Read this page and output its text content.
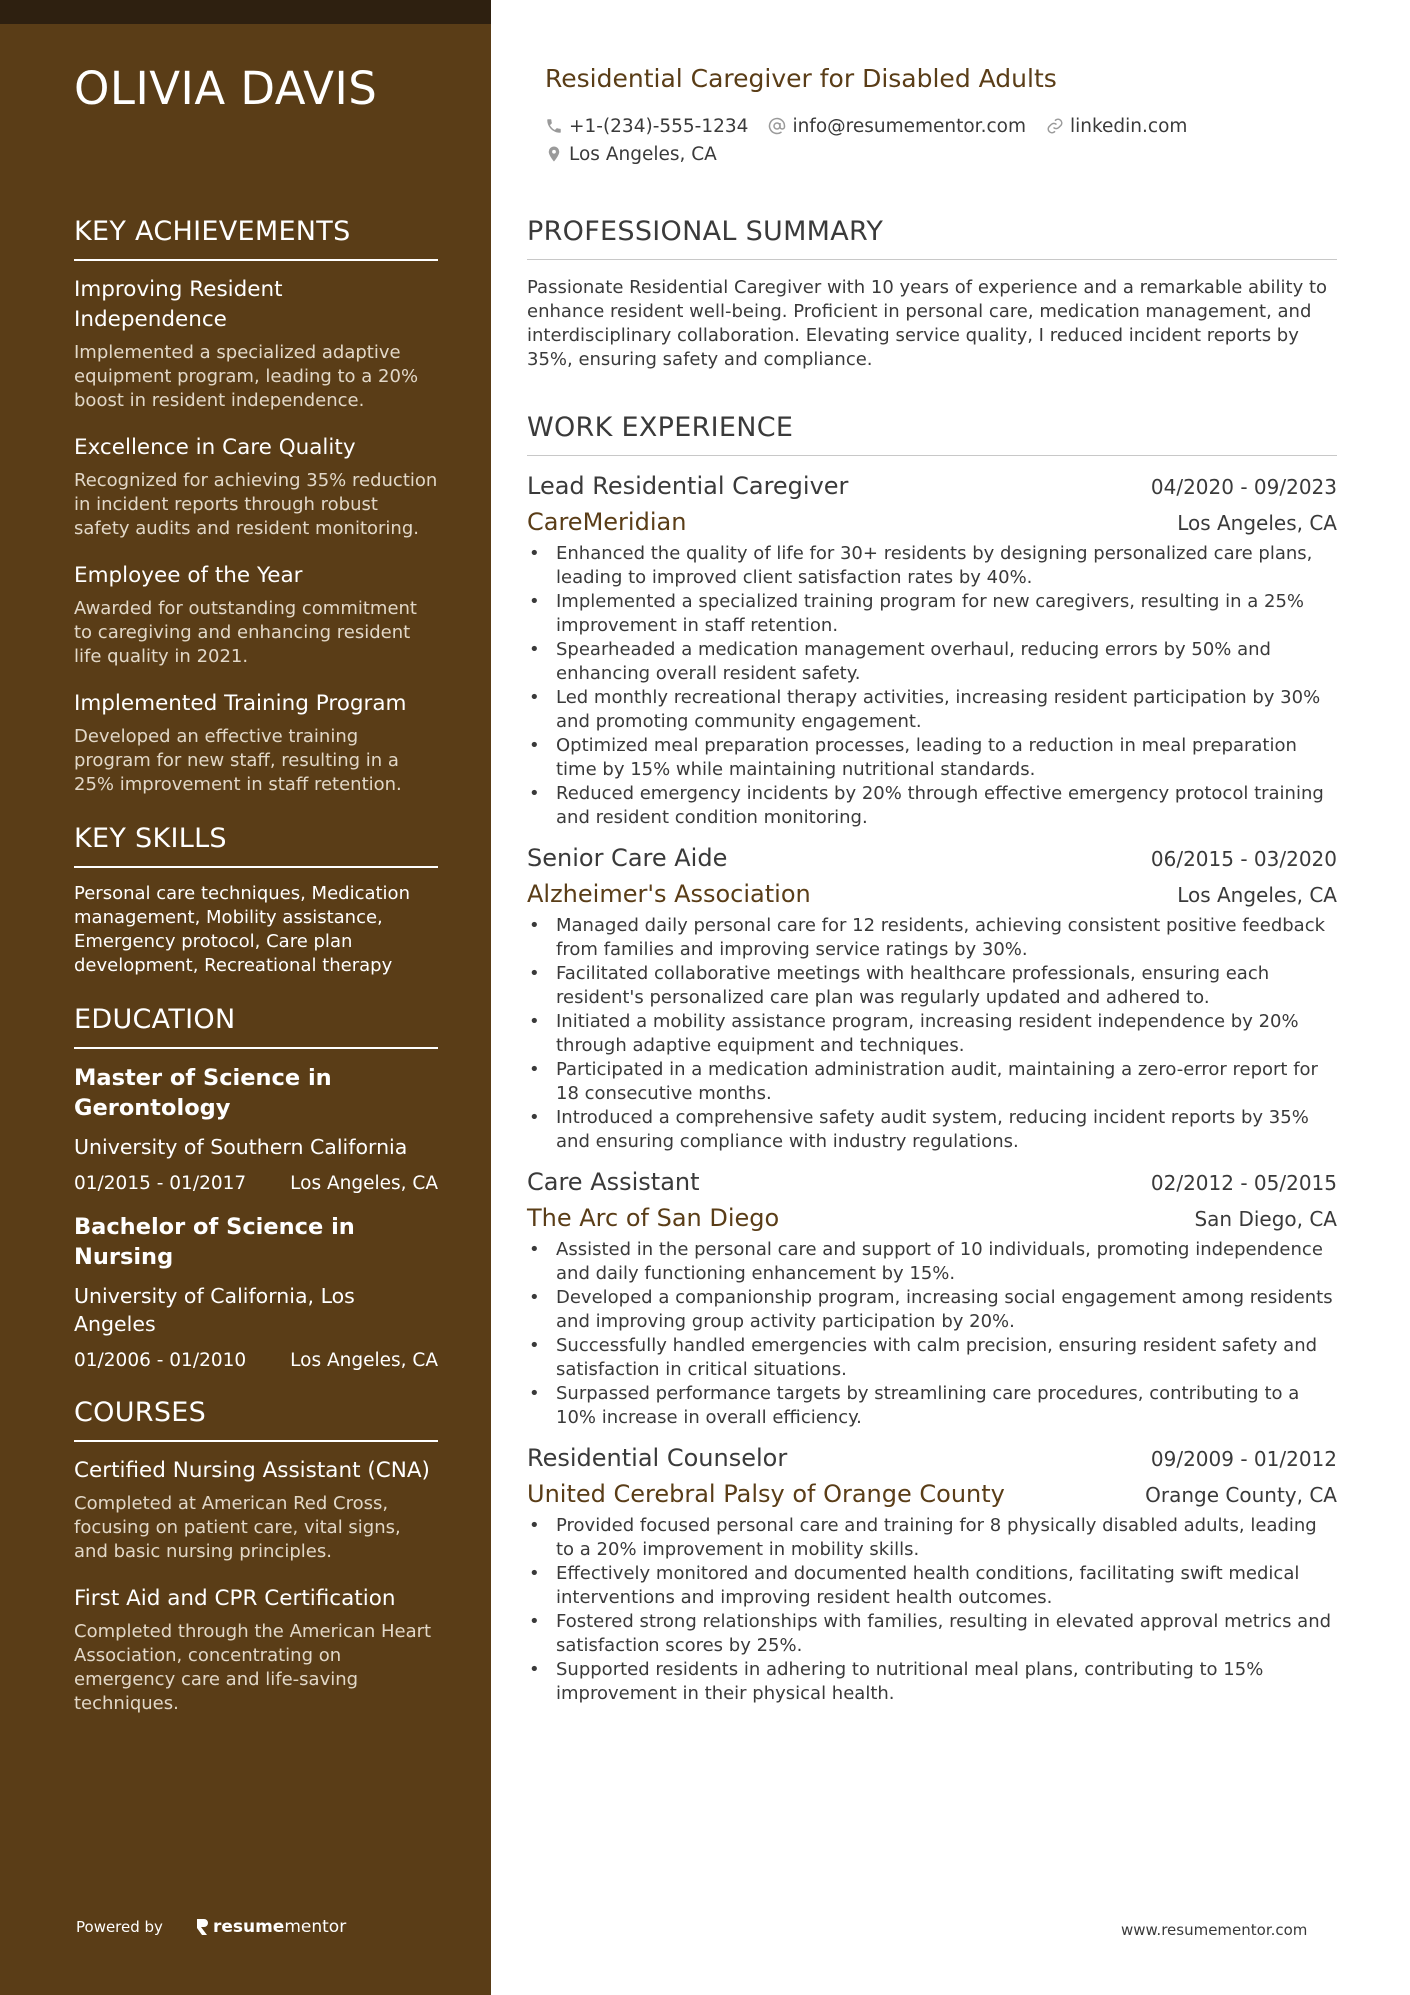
OLIVIA DAVIS
KEY ACHIEVEMENTS
Improving Resident Independence
Implemented a specialized adaptive equipment program, leading to a 20% boost in resident independence.
Excellence in Care Quality
Recognized for achieving 35% reduction in incident reports through robust safety audits and resident monitoring.
Employee of the Year
Awarded for outstanding commitment to caregiving and enhancing resident life quality in 2021.
Implemented Training Program
Developed an effective training program for new staff, resulting in a 25% improvement in staff retention.
KEY SKILLS
Personal care techniques, Medication management, Mobility assistance, Emergency protocol, Care plan development, Recreational therapy
EDUCATION
Master of Science in Gerontology
University of Southern California
01/2015 - 01/2017 Los Angeles, CA
Bachelor of Science in Nursing
University of California, Los Angeles
01/2006 - 01/2010 Los Angeles, CA
COURSES
Certified Nursing Assistant (CNA)
Completed at American Red Cross, focusing on patient care, vital signs, and basic nursing principles.
First Aid and CPR Certification
Completed through the American Heart Association, concentrating on emergency care and life-saving techniques.
Powered by	resume mentor
Residential Caregiver for Disabled Adults
+1-(234)-555-1234 info@resumementor.com linkedin.com
Los Angeles, CA
PROFESSIONAL SUMMARY
Passionate Residential Caregiver with 10 years of experience and a remarkable ability to enhance resident well-being. Proficient in personal care, medication management, and interdisciplinary collaboration. Elevating service quality, I reduced incident reports by 35%, ensuring safety and compliance.
WORK EXPERIENCE
Lead Residential Caregiver	04/2020 - 09/2023
CareMeridian	Los Angeles, CA
• Enhanced the quality of life for 30+ residents by designing personalized care plans, leading to improved client satisfaction rates by 40%.
• Implemented a specialized training program for new caregivers, resulting in a 25% improvement in staff retention.
• Spearheaded a medication management overhaul, reducing errors by 50% and enhancing overall resident safety.
• Led monthly recreational therapy activities, increasing resident participation by 30% and promoting community engagement.
• Optimized meal preparation processes, leading to a reduction in meal preparation time by 15% while maintaining nutritional standards.
• Reduced emergency incidents by 20% through effective emergency protocol training and resident condition monitoring.
Senior Care Aide	06/2015 - 03/2020
Alzheimer's Association	Los Angeles, CA
• Managed daily personal care for 12 residents, achieving consistent positive feedback from families and improving service ratings by 30%.
• Facilitated collaborative meetings with healthcare professionals, ensuring each resident's personalized care plan was regularly updated and adhered to.
• Initiated a mobility assistance program, increasing resident independence by 20% through adaptive equipment and techniques.
• Participated in a medication administration audit, maintaining a zero-error report for 18 consecutive months.
• Introduced a comprehensive safety audit system, reducing incident reports by 35% and ensuring compliance with industry regulations.
Care Assistant	02/2012 - 05/2015
The Arc of San Diego	San Diego, CA
• Assisted in the personal care and support of 10 individuals, promoting independence and daily functioning enhancement by 15%.
• Developed a companionship program, increasing social engagement among residents and improving group activity participation by 20%.
• Successfully handled emergencies with calm precision, ensuring resident safety and satisfaction in critical situations.
• Surpassed performance targets by streamlining care procedures, contributing to a 10% increase in overall efficiency.
Residential Counselor	09/2009 - 01/2012
United Cerebral Palsy of Orange County	Orange County, CA
• Provided focused personal care and training for 8 physically disabled adults, leading to a 20% improvement in mobility skills.
• Effectively monitored and documented health conditions, facilitating swift medical interventions and improving resident health outcomes.
• Fostered strong relationships with families, resulting in elevated approval metrics and satisfaction scores by 25%.
• Supported residents in adhering to nutritional meal plans, contributing to 15% improvement in their physical health.
www.resumementor.com
